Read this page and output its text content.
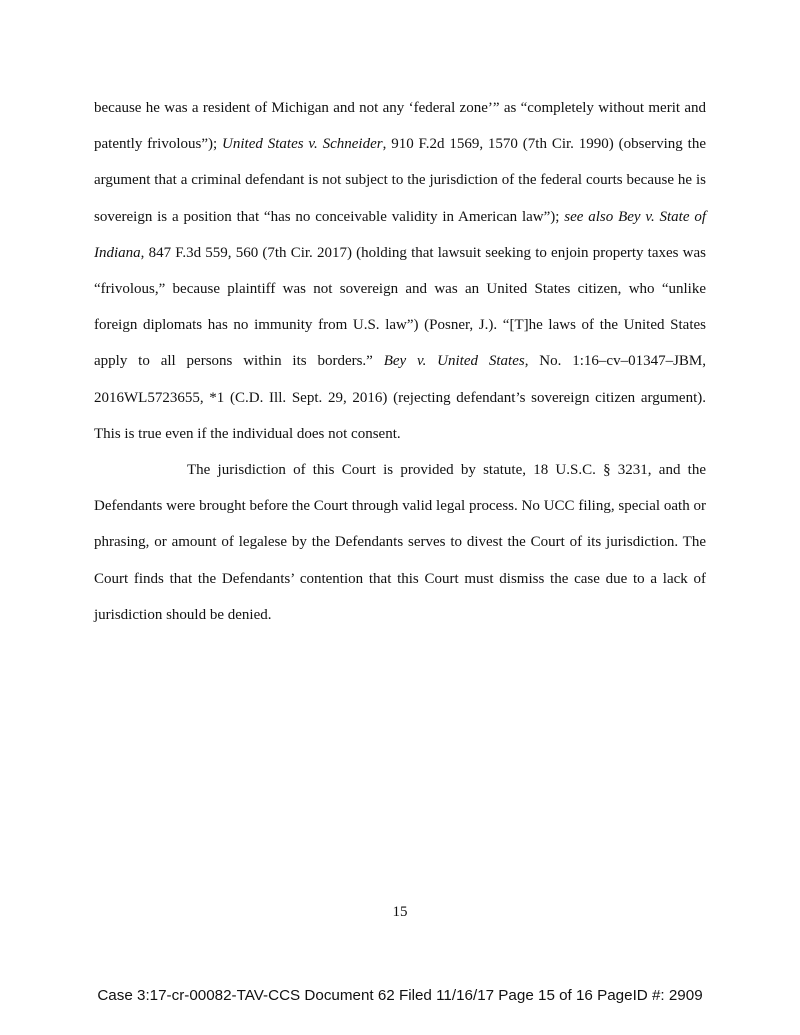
because he was a resident of Michigan and not any ‘federal zone’” as “completely without merit and patently frivolous”); United States v. Schneider, 910 F.2d 1569, 1570 (7th Cir. 1990) (observing the argument that a criminal defendant is not subject to the jurisdiction of the federal courts because he is sovereign is a position that “has no conceivable validity in American law”); see also Bey v. State of Indiana, 847 F.3d 559, 560 (7th Cir. 2017) (holding that lawsuit seeking to enjoin property taxes was “frivolous,” because plaintiff was not sovereign and was an United States citizen, who “unlike foreign diplomats has no immunity from U.S. law”) (Posner, J.). “[T]he laws of the United States apply to all persons within its borders.” Bey v. United States, No. 1:16–cv–01347–JBM, 2016WL5723655, *1 (C.D. Ill. Sept. 29, 2016) (rejecting defendant’s sovereign citizen argument). This is true even if the individual does not consent.

The jurisdiction of this Court is provided by statute, 18 U.S.C. § 3231, and the Defendants were brought before the Court through valid legal process. No UCC filing, special oath or phrasing, or amount of legalese by the Defendants serves to divest the Court of its jurisdiction. The Court finds that the Defendants’ contention that this Court must dismiss the case due to a lack of jurisdiction should be denied.

15
Case 3:17-cr-00082-TAV-CCS Document 62 Filed 11/16/17 Page 15 of 16 PageID #: 2909
